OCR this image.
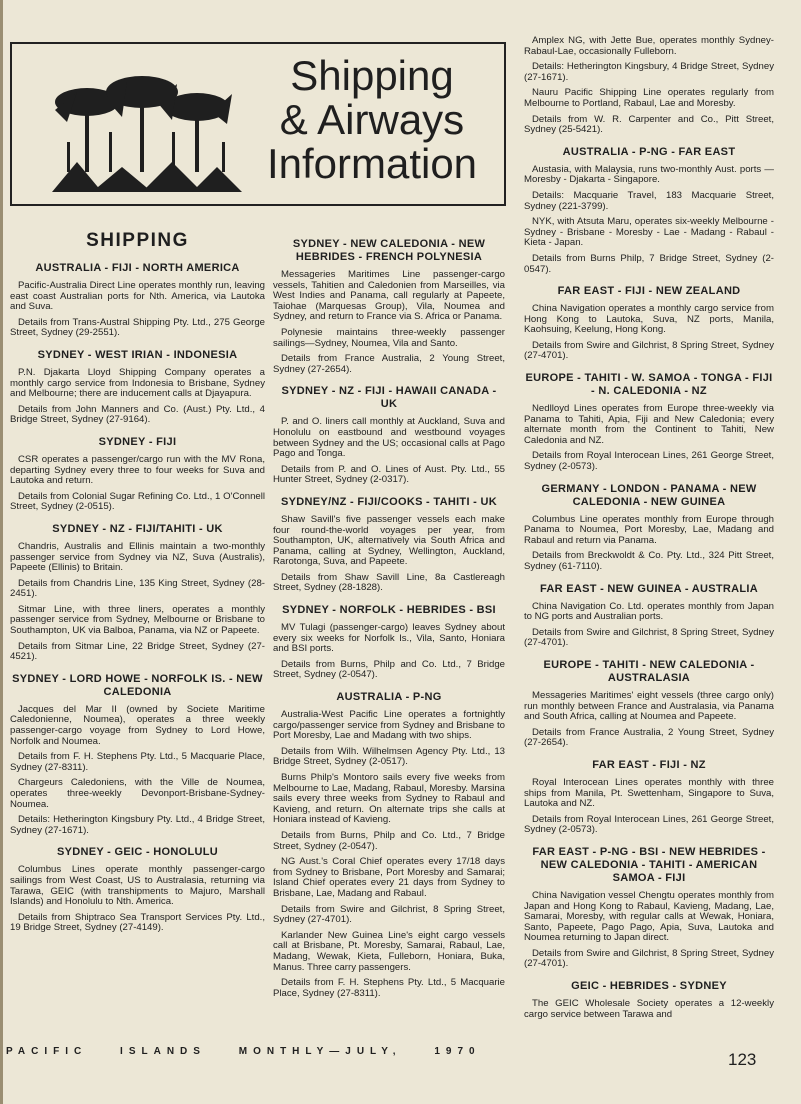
Shipping
& Airways
Information
SHIPPING
AUSTRALIA - FIJI - NORTH AMERICA
Pacific-Australia Direct Line operates monthly run, leaving east coast Australian ports for Nth. America, via Lautoka and Suva.
Details from Trans-Austral Shipping Pty. Ltd., 275 George Street, Sydney (29-2551).
SYDNEY - WEST IRIAN - INDONESIA
P.N. Djakarta Lloyd Shipping Company operates a monthly cargo service from Indonesia to Brisbane, Sydney and Melbourne; there are inducement calls at Djayapura.
Details from John Manners and Co. (Aust.) Pty. Ltd., 4 Bridge Street, Sydney (27-9164).
SYDNEY - FIJI
CSR operates a passenger/cargo run with the MV Rona, departing Sydney every three to four weeks for Suva and Lautoka and return.
Details from Colonial Sugar Refining Co. Ltd., 1 O'Connell Street, Sydney (2-0515).
SYDNEY - NZ - FIJI/TAHITI - UK
Chandris, Australis and Ellinis maintain a two-monthly passenger service from Sydney via NZ, Suva (Australis), Papeete (Ellinis) to Britain.
Details from Chandris Line, 135 King Street, Sydney (28-2451).
Sitmar Line, with three liners, operates a monthly passenger service from Sydney, Melbourne or Brisbane to Southampton, UK via Balboa, Panama, via NZ or Papeete.
Details from Sitmar Line, 22 Bridge Street, Sydney (27-4521).
SYDNEY - LORD HOWE - NORFOLK IS. - NEW CALEDONIA
Jacques del Mar II (owned by Societe Maritime Caledonienne, Noumea), operates a three weekly passenger-cargo voyage from Sydney to Lord Howe, Norfolk and Noumea.
Details from F. H. Stephens Pty. Ltd., 5 Macquarie Place, Sydney (27-8311).
Chargeurs Caledoniens, with the Ville de Noumea, operates three-weekly Devonport-Brisbane-Sydney-Noumea.
Details: Hetherington Kingsbury Pty. Ltd., 4 Bridge Street, Sydney (27-1671).
SYDNEY - GEIC - HONOLULU
Columbus Lines operate monthly passenger-cargo sailings from West Coast, US to Australasia, returning via Tarawa, GEIC (with transhipments to Majuro, Marshall Islands) and Honolulu to Nth. America.
Details from Shiptraco Sea Transport Services Pty. Ltd., 19 Bridge Street, Sydney (27-4149).
SYDNEY - NEW CALEDONIA - NEW HEBRIDES - FRENCH POLYNESIA
Messageries Maritimes Line passenger-cargo vessels, Tahitien and Caledonien from Marseilles, via West Indies and Panama, call regularly at Papeete, Taiohae (Marquesas Group), Vila, Noumea and Sydney, and return to France via S. Africa or Panama.
Polynesie maintains three-weekly passenger sailings—Sydney, Noumea, Vila and Santo.
Details from France Australia, 2 Young Street, Sydney (27-2654).
SYDNEY - NZ - FIJI - HAWAII CANADA - UK
P. and O. liners call monthly at Auckland, Suva and Honolulu on eastbound and westbound voyages between Sydney and the US; occasional calls at Pago Pago and Tonga.
Details from P. and O. Lines of Aust. Pty. Ltd., 55 Hunter Street, Sydney (2-0317).
SYDNEY/NZ - FIJI/COOKS - TAHITI - UK
Shaw Savill's five passenger vessels each make four round-the-world voyages per year, from Southampton, UK, alternatively via South Africa and Panama, calling at Sydney, Wellington, Auckland, Rarotonga, Suva, and Papeete.
Details from Shaw Savill Line, 8a Castlereagh Street, Sydney (28-1828).
SYDNEY - NORFOLK - HEBRIDES - BSI
MV Tulagi (passenger-cargo) leaves Sydney about every six weeks for Norfolk Is., Vila, Santo, Honiara and BSI ports.
Details from Burns, Philp and Co. Ltd., 7 Bridge Street, Sydney (2-0547).
AUSTRALIA - P-NG
Australia-West Pacific Line operates a fortnightly cargo/passenger service from Sydney and Brisbane to Port Moresby, Lae and Madang with two ships.
Details from Wilh. Wilhelmsen Agency Pty. Ltd., 13 Bridge Street, Sydney (2-0517).
Burns Philp's Montoro sails every five weeks from Melbourne to Lae, Madang, Rabaul, Moresby. Marsina sails every three weeks from Sydney to Rabaul and Kavieng, and return. On alternate trips she calls at Honiara instead of Kavieng.
Details from Burns, Philp and Co. Ltd., 7 Bridge Street, Sydney (2-0547).
NG Aust.'s Coral Chief operates every 17/18 days from Sydney to Brisbane, Port Moresby and Samarai; Island Chief operates every 21 days from Sydney to Brisbane, Lae, Madang and Rabaul.
Details from Swire and Gilchrist, 8 Spring Street, Sydney (27-4701).
Karlander New Guinea Line's eight cargo vessels call at Brisbane, Pt. Moresby, Samarai, Rabaul, Lae, Madang, Wewak, Kieta, Fulleborn, Honiara, Buka, Manus. Three carry passengers.
Details from F. H. Stephens Pty. Ltd., 5 Macquarie Place, Sydney (27-8311).
Amplex NG, with Jette Bue, operates monthly Sydney-Rabaul-Lae, occasionally Fulleborn.
Details: Hetherington Kingsbury, 4 Bridge Street, Sydney (27-1671).
Nauru Pacific Shipping Line operates regularly from Melbourne to Portland, Rabaul, Lae and Moresby.
Details from W. R. Carpenter and Co., Pitt Street, Sydney (25-5421).
AUSTRALIA - P-NG - FAR EAST
Austasia, with Malaysia, runs two-monthly Aust. ports — Moresby - Djakarta - Singapore.
Details: Macquarie Travel, 183 Macquarie Street, Sydney (221-3799).
NYK, with Atsuta Maru, operates six-weekly Melbourne - Sydney - Brisbane - Moresby - Lae - Madang - Rabaul - Kieta - Japan.
Details from Burns Philp, 7 Bridge Street, Sydney (2-0547).
FAR EAST - FIJI - NEW ZEALAND
China Navigation operates a monthly cargo service from Hong Kong to Lautoka, Suva, NZ ports, Manila, Kaohsuing, Keelung, Hong Kong.
Details from Swire and Gilchrist, 8 Spring Street, Sydney (27-4701).
EUROPE - TAHITI - W. SAMOA - TONGA - FIJI - N. CALEDONIA - NZ
Nedlloyd Lines operates from Europe three-weekly via Panama to Tahiti, Apia, Fiji and New Caledonia; every alternate month from the Continent to Tahiti, New Caledonia and NZ.
Details from Royal Interocean Lines, 261 George Street, Sydney (2-0573).
GERMANY - LONDON - PANAMA - NEW CALEDONIA - NEW GUINEA
Columbus Line operates monthly from Europe through Panama to Noumea, Port Moresby, Lae, Madang and Rabaul and return via Panama.
Details from Breckwoldt & Co. Pty. Ltd., 324 Pitt Street, Sydney (61-7110).
FAR EAST - NEW GUINEA - AUSTRALIA
China Navigation Co. Ltd. operates monthly from Japan to NG ports and Australian ports.
Details from Swire and Gilchrist, 8 Spring Street, Sydney (27-4701).
EUROPE - TAHITI - NEW CALEDONIA - AUSTRALASIA
Messageries Maritimes' eight vessels (three cargo only) run monthly between France and Australasia, via Panama and South Africa, calling at Noumea and Papeete.
Details from France Australia, 2 Young Street, Sydney (27-2654).
FAR EAST - FIJI - NZ
Royal Interocean Lines operates monthly with three ships from Manila, Pt. Swettenham, Singapore to Suva, Lautoka and NZ.
Details from Royal Interocean Lines, 261 George Street, Sydney (2-0573).
FAR EAST - P-NG - BSI - NEW HEBRIDES - NEW CALEDONIA - TAHITI - AMERICAN SAMOA - FIJI
China Navigation vessel Chengtu operates monthly from Japan and Hong Kong to Rabaul, Kavieng, Madang, Lae, Samarai, Moresby, with regular calls at Wewak, Honiara, Santo, Papeete, Pago Pago, Apia, Suva, Lautoka and Noumea returning to Japan direct.
Details from Swire and Gilchrist, 8 Spring Street, Sydney (27-4701).
GEIC - HEBRIDES - SYDNEY
The GEIC Wholesale Society operates a 12-weekly cargo service between Tarawa and
PACIFIC	ISLANDS	MONTHLY—JULY,	1970	123
